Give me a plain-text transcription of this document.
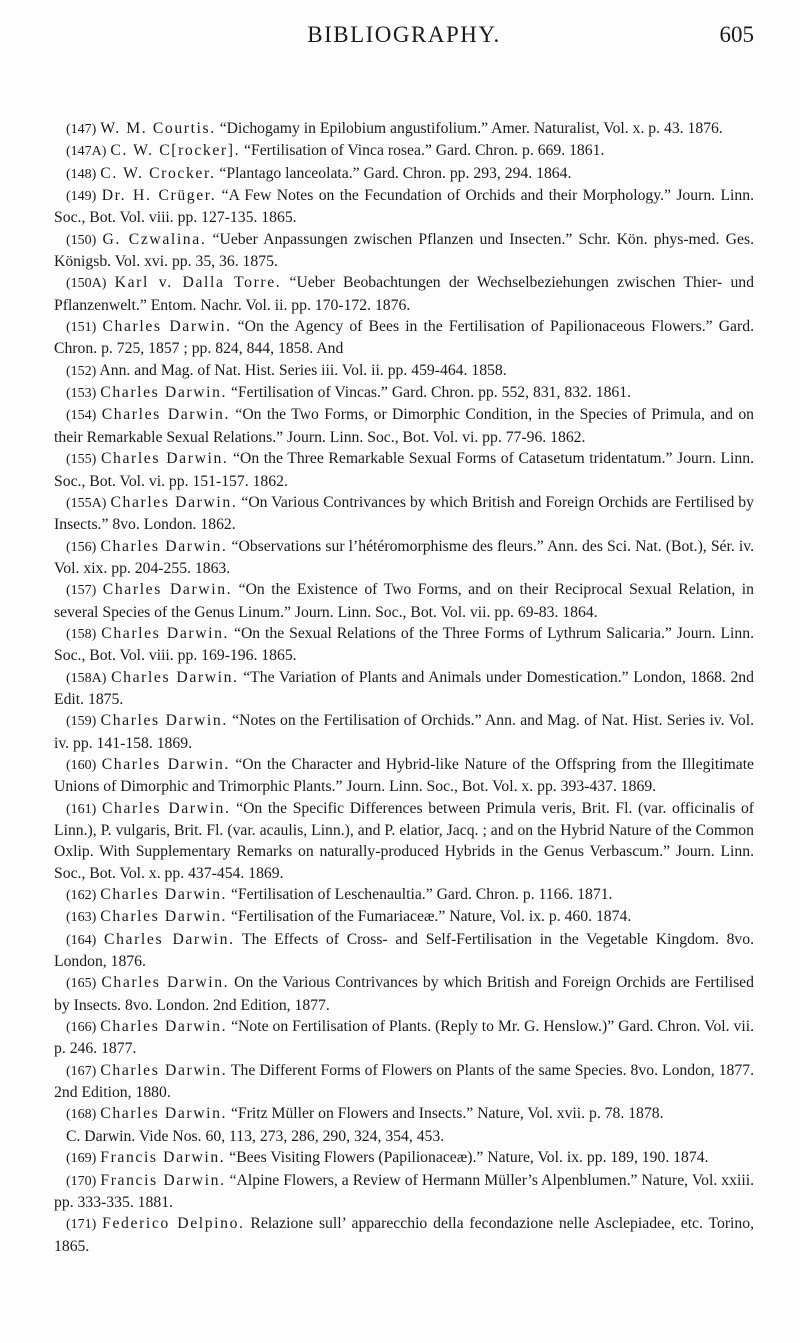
BIBLIOGRAPHY.	605

(147) W. M. Courtis. “Dichogamy in Epilobium angustifolium.” Amer. Naturalist, Vol. x. p. 43. 1876.

(147A) C. W. C[rocker]. “Fertilisation of Vinca rosea.” Gard. Chron. p. 669. 1861.

(148) C. W. Crocker. “Plantago lanceolata.” Gard. Chron. pp. 293, 294. 1864.

(149) Dr. H. Crüger. “A Few Notes on the Fecundation of Orchids and their Morphology.” Journ. Linn. Soc., Bot. Vol. viii. pp. 127-135. 1865.

(150) G. Czwalina. “Ueber Anpassungen zwischen Pflanzen und Insecten.” Schr. Kön. phys-med. Ges. Königsb. Vol. xvi. pp. 35, 36. 1875.

(150A) Karl v. Dalla Torre. “Ueber Beobachtungen der Wechselbeziehungen zwischen Thier- und Pflanzenwelt.” Entom. Nachr. Vol. ii. pp. 170-172. 1876.

(151) Charles Darwin. “On the Agency of Bees in the Fertilisation of Papilionaceous Flowers.” Gard. Chron. p. 725, 1857 ; pp. 824, 844, 1858. And

(152) Ann. and Mag. of Nat. Hist. Series iii. Vol. ii. pp. 459-464. 1858.

(153) Charles Darwin. “Fertilisation of Vincas.” Gard. Chron. pp. 552, 831, 832. 1861.

(154) Charles Darwin. “On the Two Forms, or Dimorphic Condition, in the Species of Primula, and on their Remarkable Sexual Relations.” Journ. Linn. Soc., Bot. Vol. vi. pp. 77-96. 1862.

(155) Charles Darwin. “On the Three Remarkable Sexual Forms of Catasetum tridentatum.” Journ. Linn. Soc., Bot. Vol. vi. pp. 151-157. 1862.

(155A) Charles Darwin. “On Various Contrivances by which British and Foreign Orchids are Fertilised by Insects.” 8vo. London. 1862.

(156) Charles Darwin. “Observations sur l’hétéromorphisme des fleurs.” Ann. des Sci. Nat. (Bot.), Sér. iv. Vol. xix. pp. 204-255. 1863.

(157) Charles Darwin. “On the Existence of Two Forms, and on their Reciprocal Sexual Relation, in several Species of the Genus Linum.” Journ. Linn. Soc., Bot. Vol. vii. pp. 69-83. 1864.

(158) Charles Darwin. “On the Sexual Relations of the Three Forms of Lythrum Salicaria.” Journ. Linn. Soc., Bot. Vol. viii. pp. 169-196. 1865.

(158A) Charles Darwin. “The Variation of Plants and Animals under Domestication.” London, 1868. 2nd Edit. 1875.

(159) Charles Darwin. “Notes on the Fertilisation of Orchids.” Ann. and Mag. of Nat. Hist. Series iv. Vol. iv. pp. 141-158. 1869.

(160) Charles Darwin. “On the Character and Hybrid-like Nature of the Offspring from the Illegitimate Unions of Dimorphic and Trimorphic Plants.” Journ. Linn. Soc., Bot. Vol. x. pp. 393-437. 1869.

(161) Charles Darwin. “On the Specific Differences between Primula veris, Brit. Fl. (var. officinalis of Linn.), P. vulgaris, Brit. Fl. (var. acaulis, Linn.), and P. elatior, Jacq. ; and on the Hybrid Nature of the Common Oxlip. With Supplementary Remarks on naturally-produced Hybrids in the Genus Verbascum.” Journ. Linn. Soc., Bot. Vol. x. pp. 437-454. 1869.

(162) Charles Darwin. “Fertilisation of Leschenaultia.” Gard. Chron. p. 1166. 1871.

(163) Charles Darwin. “Fertilisation of the Fumariaceæ.” Nature, Vol. ix. p. 460. 1874.

(164) Charles Darwin. The Effects of Cross- and Self-Fertilisation in the Vegetable Kingdom. 8vo. London, 1876.

(165) Charles Darwin. On the Various Contrivances by which British and Foreign Orchids are Fertilised by Insects. 8vo. London. 2nd Edition, 1877.

(166) Charles Darwin. “Note on Fertilisation of Plants. (Reply to Mr. G. Henslow.)” Gard. Chron. Vol. vii. p. 246. 1877.

(167) Charles Darwin. The Different Forms of Flowers on Plants of the same Species. 8vo. London, 1877. 2nd Edition, 1880.

(168) Charles Darwin. “Fritz Müller on Flowers and Insects.” Nature, Vol. xvii. p. 78. 1878.

C. Darwin. Vide Nos. 60, 113, 273, 286, 290, 324, 354, 453.

(169) Francis Darwin. “Bees Visiting Flowers (Papilionaceæ).” Nature, Vol. ix. pp. 189, 190. 1874.

(170) Francis Darwin. “Alpine Flowers, a Review of Hermann Müller’s Alpenblumen.” Nature, Vol. xxiii. pp. 333-335. 1881.

(171) Federico Delpino. Relazione sull’ apparecchio della fecondazione nelle Asclepiadee, etc. Torino, 1865.
